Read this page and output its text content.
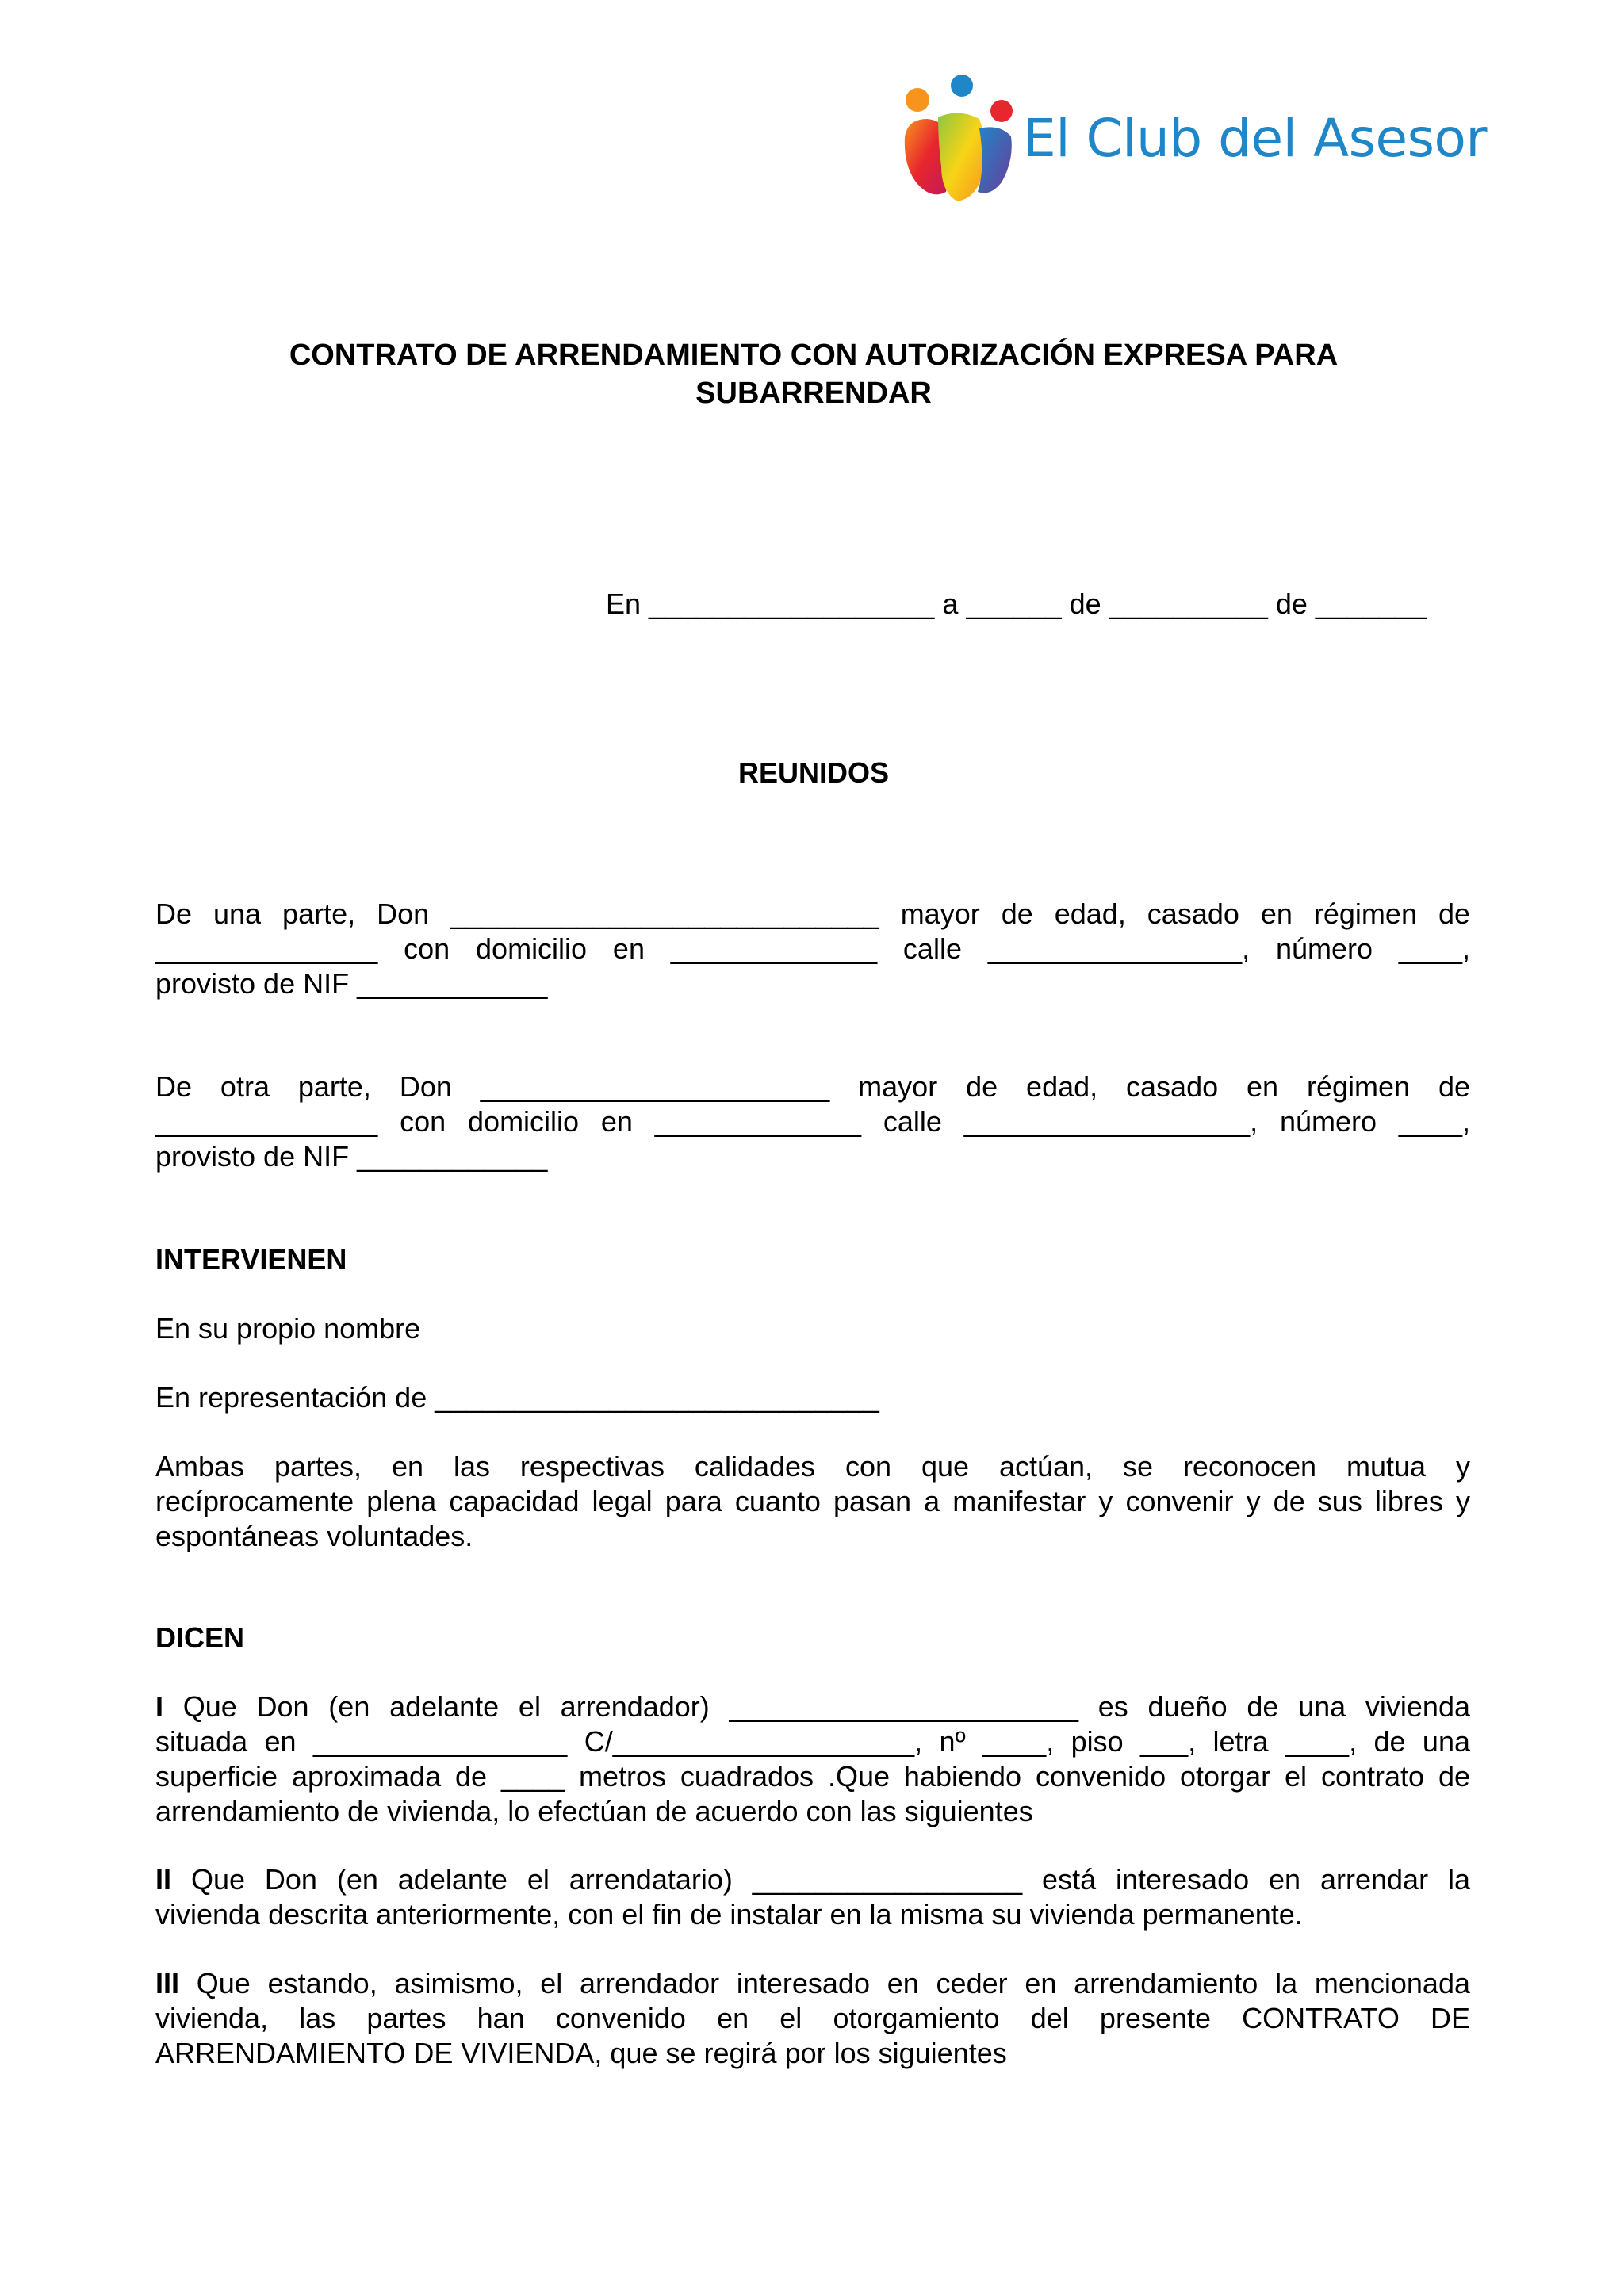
El Club del Asesor
CONTRATO DE ARRENDAMIENTO CON AUTORIZACIÓN EXPRESA PARA
SUBARRENDAR
En __________________ a ______ de __________ de _______
REUNIDOS
De una parte, Don ___________________________ mayor de edad, casado en régimen de
______________ con domicilio en _____________ calle ________________, número ____,
provisto de NIF ____________
De otra parte, Don ______________________ mayor de edad, casado en régimen de
______________ con domicilio en _____________ calle __________________, número ____,
provisto de NIF ____________
INTERVIENEN
En su propio nombre
En representación de ____________________________
Ambas partes, en las respectivas calidades con que actúan, se reconocen mutua y
recíprocamente plena capacidad legal para cuanto pasan a manifestar y convenir y de sus libres y
espontáneas voluntades.
DICEN
I Que Don (en adelante el arrendador) ______________________ es dueño de una vivienda
situada en ________________ C/___________________, nº ____, piso ___, letra ____, de una
superficie aproximada de ____ metros cuadrados .Que habiendo convenido otorgar el contrato de
arrendamiento de vivienda, lo efectúan de acuerdo con las siguientes
II Que Don (en adelante el arrendatario) _________________ está interesado en arrendar la
vivienda descrita anteriormente, con el fin de instalar en la misma su vivienda permanente.
III Que estando, asimismo, el arrendador interesado en ceder en arrendamiento la mencionada
vivienda, las partes han convenido en el otorgamiento del presente CONTRATO DE
ARRENDAMIENTO DE VIVIENDA, que se regirá por los siguientes
